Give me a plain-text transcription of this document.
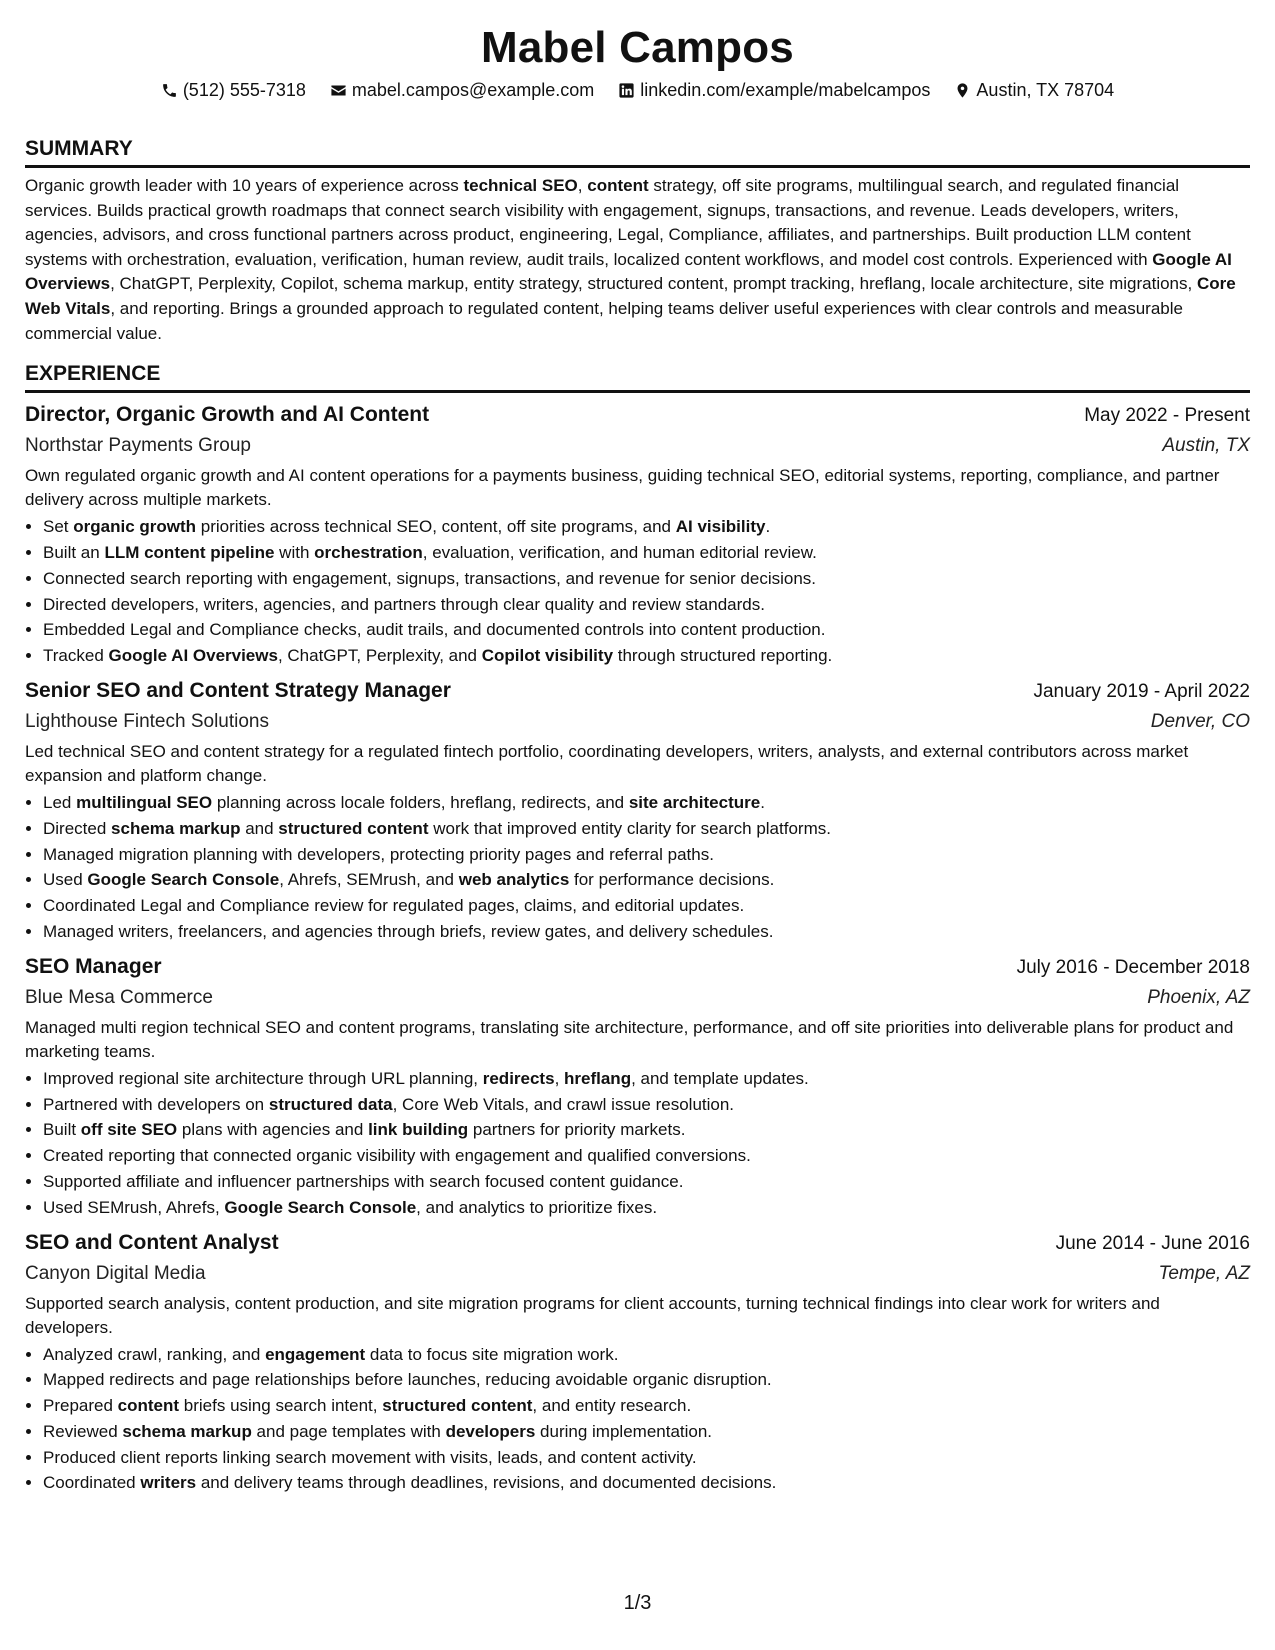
Mabel Campos
(512) 555-7318	mabel.campos@example.com	linkedin.com/example/mabelcampos	Austin, TX 78704
SUMMARY

Organic growth leader with 10 years of experience across technical SEO, content strategy, off site programs, multilingual search, and regulated financial services. Builds practical growth roadmaps that connect search visibility with engagement, signups, transactions, and revenue. Leads developers, writers, agencies, advisors, and cross functional partners across product, engineering, Legal, Compliance, affiliates, and partnerships. Built production LLM content systems with orchestration, evaluation, verification, human review, audit trails, localized content workflows, and model cost controls. Experienced with Google AI Overviews, ChatGPT, Perplexity, Copilot, schema markup, entity strategy, structured content, prompt tracking, hreflang, locale architecture, site migrations, Core Web Vitals, and reporting. Brings a grounded approach to regulated content, helping teams deliver useful experiences with clear controls and measurable commercial value.

EXPERIENCE
Director, Organic Growth and AI Content	May 2022 - Present
Northstar Payments Group	Austin, TX

Own regulated organic growth and AI content operations for a payments business, guiding technical SEO, editorial systems, reporting, compliance, and partner delivery across multiple markets.

• Set organic growth priorities across technical SEO, content, off site programs, and AI visibility.
• Built an LLM content pipeline with orchestration, evaluation, verification, and human editorial review.
• Connected search reporting with engagement, signups, transactions, and revenue for senior decisions.
• Directed developers, writers, agencies, and partners through clear quality and review standards.
• Embedded Legal and Compliance checks, audit trails, and documented controls into content production.
• Tracked Google AI Overviews, ChatGPT, Perplexity, and Copilot visibility through structured reporting.
Senior SEO and Content Strategy Manager	January 2019 - April 2022
Lighthouse Fintech Solutions	Denver, CO

Led technical SEO and content strategy for a regulated fintech portfolio, coordinating developers, writers, analysts, and external contributors across market expansion and platform change.

• Led multilingual SEO planning across locale folders, hreflang, redirects, and site architecture.
• Directed schema markup and structured content work that improved entity clarity for search platforms.
• Managed migration planning with developers, protecting priority pages and referral paths.
• Used Google Search Console, Ahrefs, SEMrush, and web analytics for performance decisions.
• Coordinated Legal and Compliance review for regulated pages, claims, and editorial updates.
• Managed writers, freelancers, and agencies through briefs, review gates, and delivery schedules.
SEO Manager	July 2016 - December 2018
Blue Mesa Commerce	Phoenix, AZ

Managed multi region technical SEO and content programs, translating site architecture, performance, and off site priorities into deliverable plans for product and marketing teams.

• Improved regional site architecture through URL planning, redirects, hreflang, and template updates.
• Partnered with developers on structured data, Core Web Vitals, and crawl issue resolution.
• Built off site SEO plans with agencies and link building partners for priority markets.
• Created reporting that connected organic visibility with engagement and qualified conversions.
• Supported affiliate and influencer partnerships with search focused content guidance.
• Used SEMrush, Ahrefs, Google Search Console, and analytics to prioritize fixes.
SEO and Content Analyst	June 2014 - June 2016
Canyon Digital Media	Tempe, AZ

Supported search analysis, content production, and site migration programs for client accounts, turning technical findings into clear work for writers and developers.

• Analyzed crawl, ranking, and engagement data to focus site migration work.
• Mapped redirects and page relationships before launches, reducing avoidable organic disruption.
• Prepared content briefs using search intent, structured content, and entity research.
• Reviewed schema markup and page templates with developers during implementation.
• Produced client reports linking search movement with visits, leads, and content activity.
• Coordinated writers and delivery teams through deadlines, revisions, and documented decisions.
1/3
